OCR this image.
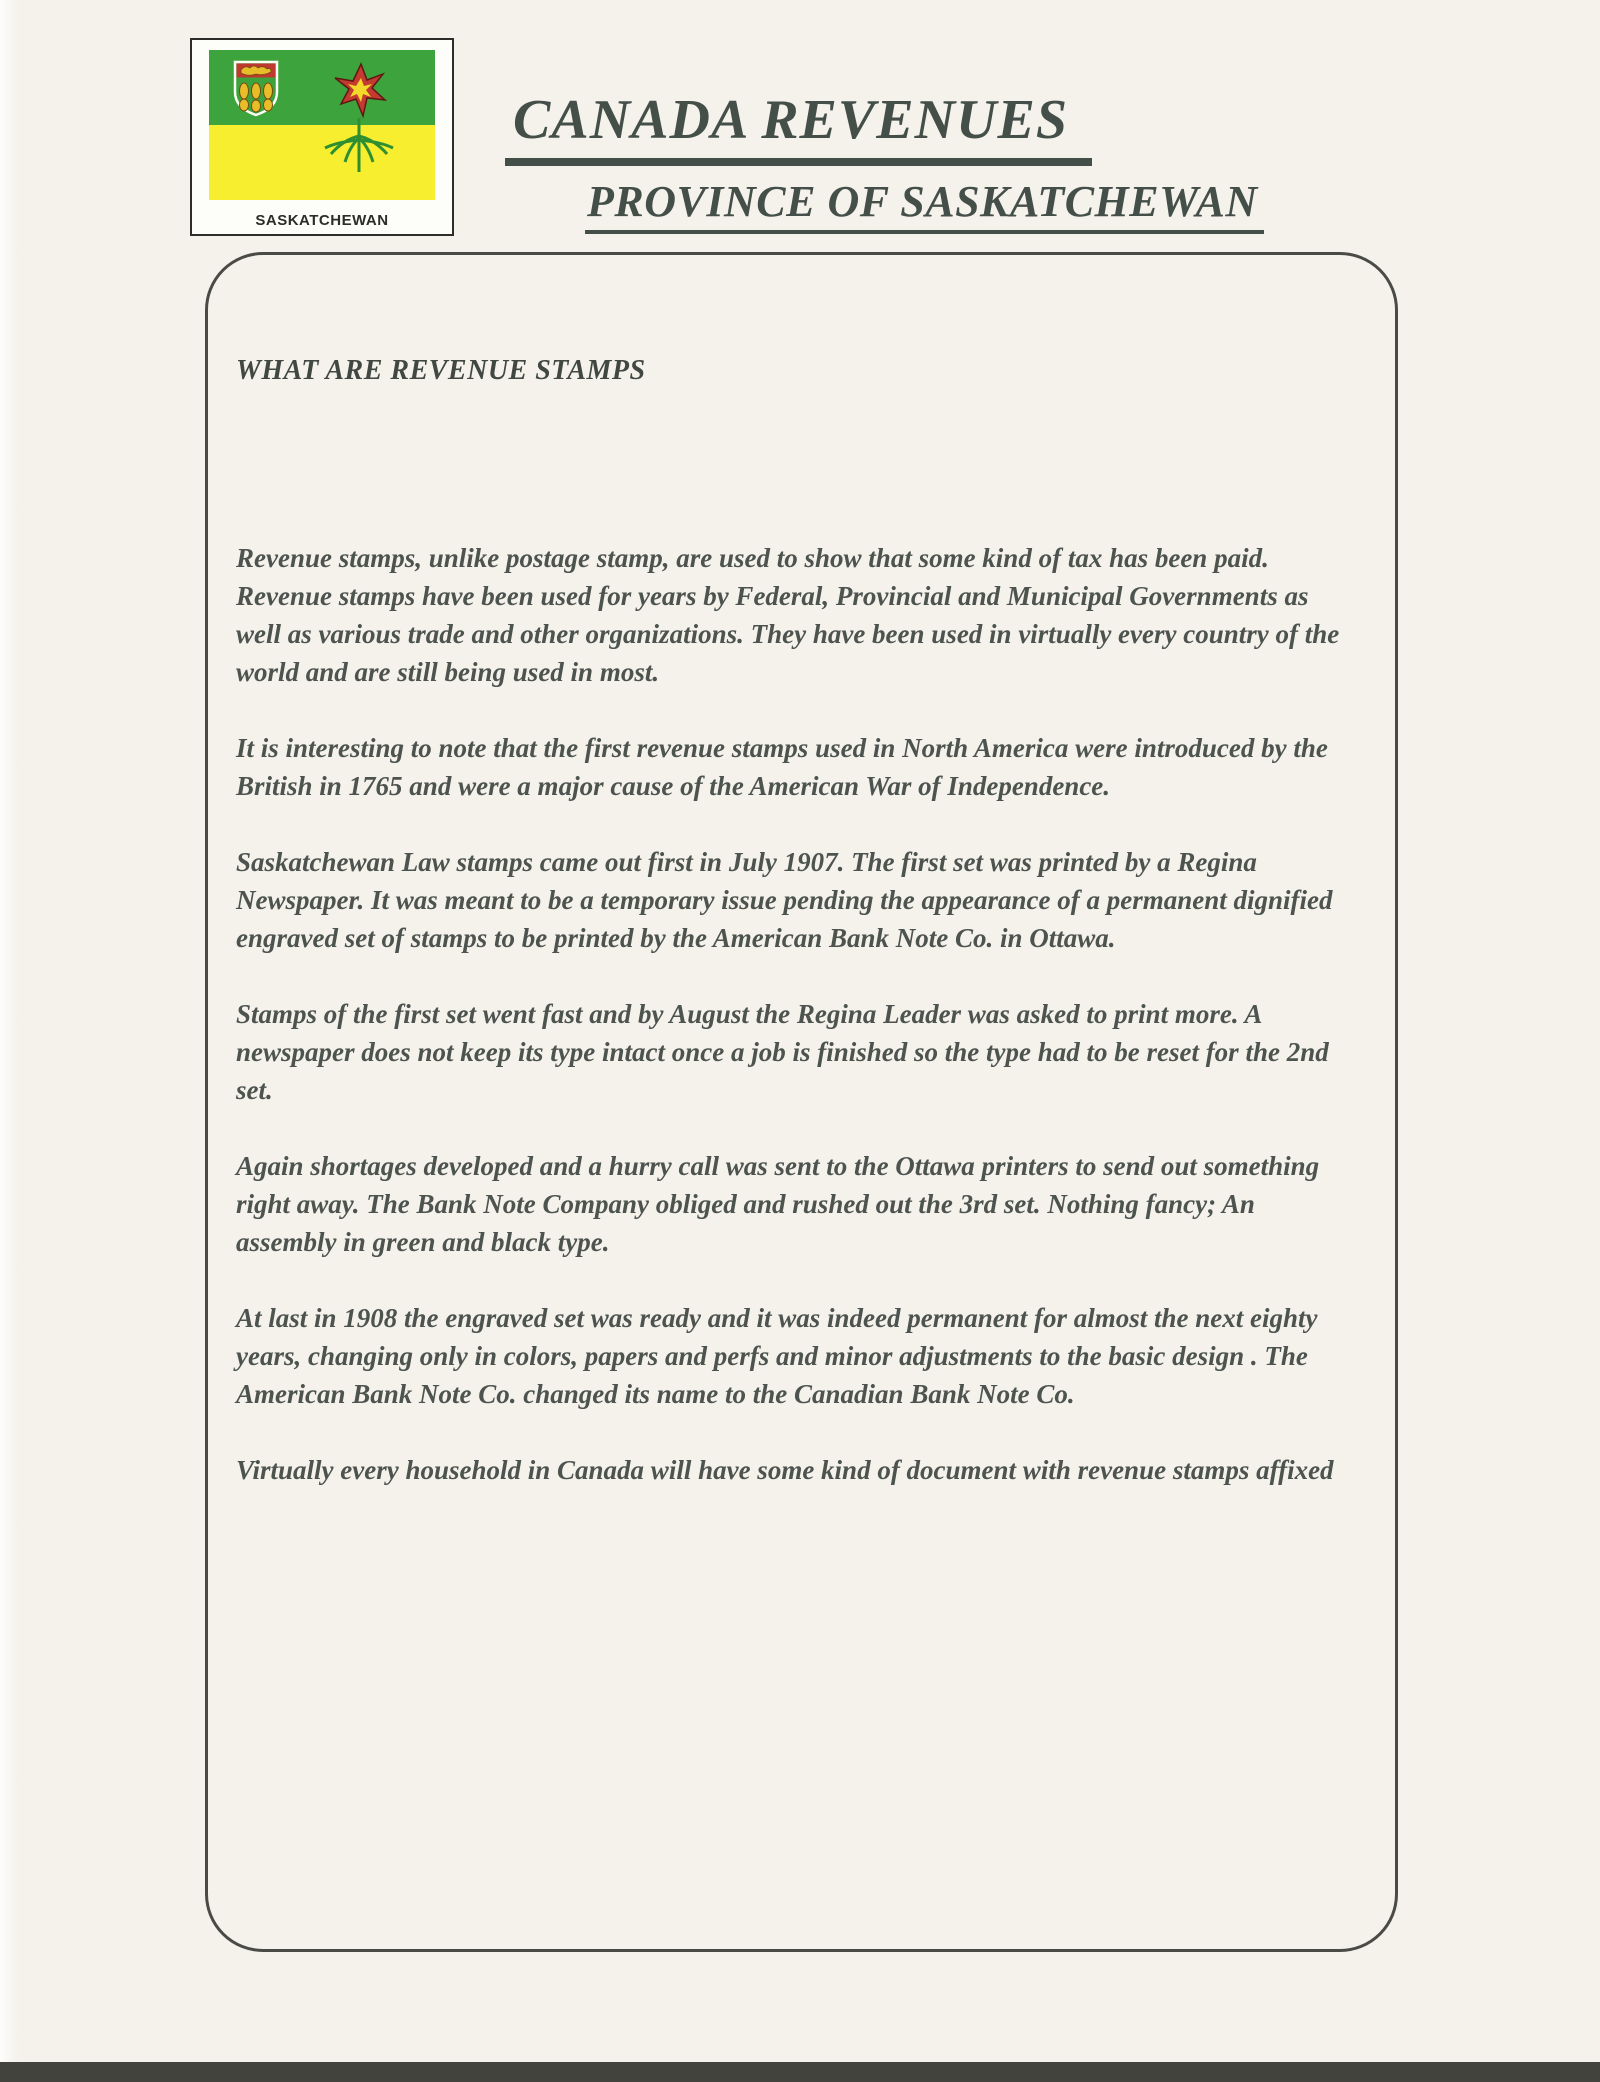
SASKATCHEWAN
CANADA REVENUES
PROVINCE OF SASKATCHEWAN
WHAT ARE REVENUE STAMPS

Revenue stamps, unlike postage stamp, are used to show that some kind of tax has been paid. Revenue stamps have been used for years by Federal, Provincial and Municipal Governments as well as various trade and other organizations. They have been used in virtually every country of the world and are still being used in most.

It is interesting to note that the first revenue stamps used in North America were introduced by the British in 1765 and were a major cause of the American War of Independence.

Saskatchewan Law stamps came out first in July 1907. The first set was printed by a Regina Newspaper. It was meant to be a temporary issue pending the appearance of a permanent dignified engraved set of stamps to be printed by the American Bank Note Co. in Ottawa.

Stamps of the first set went fast and by August the Regina Leader was asked to print more. A newspaper does not keep its type intact once a job is finished so the type had to be reset for the 2nd set.

Again shortages developed and a hurry call was sent to the Ottawa printers to send out something right away. The Bank Note Company obliged and rushed out the 3rd set. Nothing fancy; An assembly in green and black type.

At last in 1908 the engraved set was ready and it was indeed permanent for almost the next eighty years, changing only in colors, papers and perfs and minor adjustments to the basic design . The American Bank Note Co. changed its name to the Canadian Bank Note Co.

Virtually every household in Canada will have some kind of document with revenue stamps affixed
